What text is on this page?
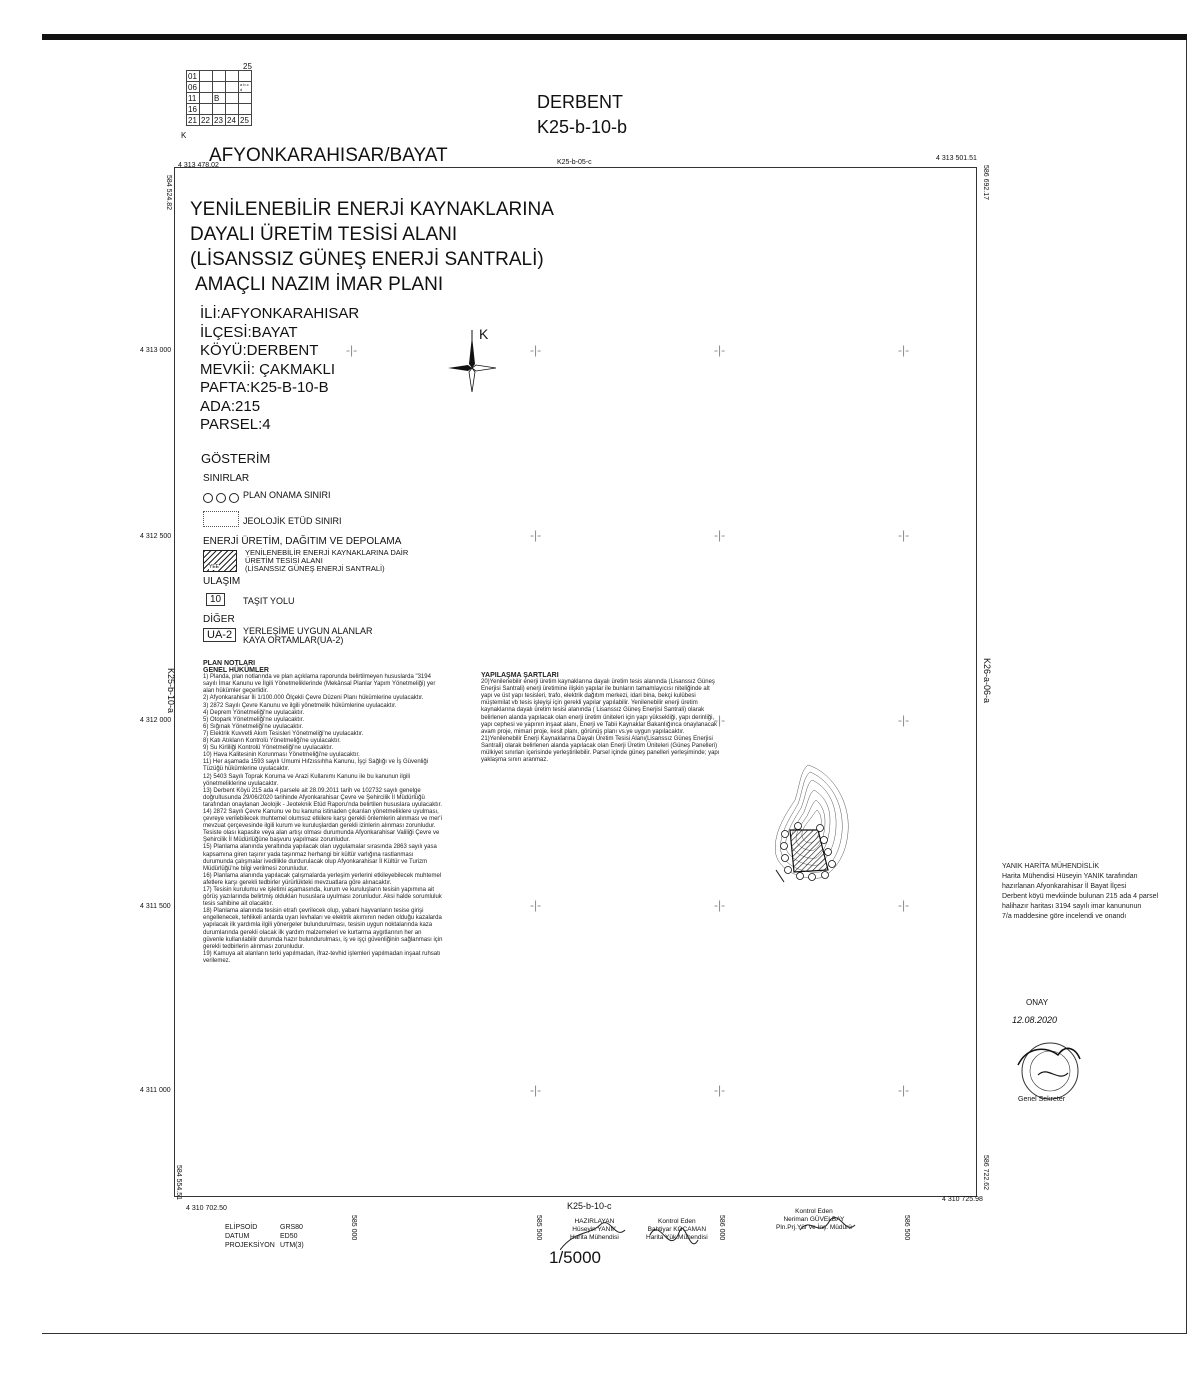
25
01				
06				a b c d
11		B		
16				
21	22	23	24	25
K
AFYONKARAHISAR/BAYAT
DERBENT
K25-b-10-b
K25-b-05-c
K25-b-10-c
K25-b-10-a	K26-a-06-a
4 313 478.02
4 313 501.51
584 524.82	586 692.17
584 554.51	586 722.62
4 310 702.50
4 310 725.98
4 313 000
4 312 500
4 312 000
4 311 500
4 311 000
585 000	585 500	586 000	586 500
-|-	-|-	-|-	-|-
-|-	-|-	-|-
-|-	-|-
-|-	-|-	-|-
-|-	-|-	-|-
YENİLENEBİLİR ENERJİ KAYNAKLARINA
DAYALI ÜRETİM TESİSİ ALANI
(LİSANSSIZ GÜNEŞ ENERJİ SANTRALİ)
AMAÇLI NAZIM İMAR PLANI
İLİ:AFYONKARAHISAR
İLÇESİ:BAYAT
KÖYÜ:DERBENT
MEVKİİ: ÇAKMAKLI
PAFTA:K25-B-10-B
ADA:215
PARSEL:4
K
GÖSTERİM
SINIRLAR
PLAN ONAMA SINIRI
JEOLOJİK ETÜD SINIRI
ENERJİ ÜRETİM, DAĞITIM VE DEPOLAMA
YEE
YENİLENEBİLİR ENERJİ KAYNAKLARINA DAİR
ÜRETİM TESİSİ ALANI
(LİSANSSIZ GÜNEŞ ENERJİ SANTRALİ)
ULAŞIM
10	TAŞIT YOLU
DİĞER
UA-2	YERLEŞİME UYGUN ALANLAR
KAYA ORTAMLAR(UA-2)
PLAN NOTLARI
GENEL HÜKÜMLER

1) Planda, plan notlarında ve plan açıklama raporunda belirtilmeyen hususlarda "3194 sayılı İmar Kanunu ve İlgili Yönetmeliklerinde (Mekânsal Planlar Yapım Yönetmeliği) yer alan hükümler geçerlidir.

2) Afyonkarahisar İli 1/100.000 Ölçekli Çevre Düzeni Planı hükümlerine uyulacaktır.

3) 2872 Sayılı Çevre Kanunu ve ilgili yönetmelik hükümlerine uyulacaktır.

4) Deprem Yönetmeliği'ne uyulacaktır.

5) Otopark Yönetmeliği'ne uyulacaktır.

6) Sığınak Yönetmeliği'ne uyulacaktır.

7) Elektrik Kuvvetli Akım Tesisleri Yönetmeliği'ne uyulacaktır.

8) Katı Atıkların Kontrolü Yönetmeliği'ne uyulacaktır.

9) Su Kirliliği Kontrolü Yönetmeliği'ne uyulacaktır.

10) Hava Kalitesinin Korunması Yönetmeliği'ne uyulacaktır.

11) Her aşamada 1593 sayılı Umumi Hıfzıssıhha Kanunu, İşçi Sağlığı ve İş Güvenliği Tüzüğü hükümlerine uyulacaktır.

12) 5403 Sayılı Toprak Koruma ve Arazi Kullanımı Kanunu ile bu kanunun ilgili yönetmeliklerine uyulacaktır.

13) Derbent Köyü 215 ada 4 parsele ait 28.09.2011 tarih ve 102732 sayılı genelge doğrultusunda 29/06/2020 tarihinde Afyonkarahisar Çevre ve Şehircilik İl Müdürlüğü tarafından onaylanan Jeolojik - Jeoteknik Etüd Raporu'nda belirtilen hususlara uyulacaktır.

14) 2872 Sayılı Çevre Kanunu ve bu kanuna istinaden çıkarılan yönetmeliklere uyulması, çevreye verilebilecek muhtemel olumsuz etkilere karşı gerekli önlemlerin alınması ve mer'i mevzuat çerçevesinde ilgili kurum ve kuruluşlardan gerekli izinlerin alınması zorunludur. Tesiste olası kapasite veya alan artışı olması durumunda Afyonkarahisar Valiliği Çevre ve Şehircilik İl Müdürlüğüne başvuru yapılması zorunludur.

15) Planlama alanında yeraltında yapılacak olan uygulamalar sırasında 2863 sayılı yasa kapsamına giren taşınır yada taşınmaz herhangi bir kültür varlığına rastlanması durumunda çalışmalar ivedilikle durdurulacak olup Afyonkarahisar İl Kültür ve Turizm Müdürlüğü'ne bilgi verilmesi zorunludur.

16) Planlama alanında yapılacak çalışmalarda yerleşim yerlerini etkileyebilecek muhtemel afetlere karşı gerekli tedbirler yürürlükteki mevzuatlara göre alınacaktır.

17) Tesisin kurulumu ve işletimi aşamasında, kurum ve kuruluşların tesisin yapımına ait görüş yazılarında belirtmiş oldukları hususlara uyulması zorunludur. Aksi halde sorumluluk tesis sahibine ait olacaktır.

18) Planlama alanında tesisin etrafı çevrilecek olup, yabani hayvanların tesise girişi engellenecek, tehlikeli anlarda uyarı levhaları ve elektrik akımının neden olduğu kazalarda yapılacak ilk yardımla ilgili yönergeler bulundurulması, tesisin uygun noktalarında kaza durumlarında gerekli olacak ilk yardım malzemeleri ve kurtarma aygıtlarının her an güvenle kullanılabilir durumda hazır bulundurulması, iş ve işçi güvenliğinin sağlanması için gerekli tedbirlerin alınması zorunludur.

19) Kamuya ait alanların terki yapılmadan, ifraz-tevhid işlemleri yapılmadan inşaat ruhsatı verilemez.

YAPILAŞMA ŞARTLARI

20)Yenilenebilir enerji üretim kaynaklarına dayalı üretim tesis alanında (Lisanssız Güneş Enerjisi Santrali) enerji üretimine ilişkin yapılar ile bunların tamamlayıcısı niteliğinde alt yapı ve üst yapı tesisleri, trafo, elektrik dağıtım merkezi, idari bina, bekçi kulübesi müştemilat vb tesis işleyişi için gerekli yapılar yapılabilir. Yenilenebilir enerji üretim kaynaklarına dayalı üretim tesisi alanında ( Lisanssız Güneş Enerjisi Santrali) olarak belirlenen alanda yapılacak olan enerji üretim üniteleri için yapı yüksekliği, yapı derinliği, yapı cephesi ve yapının inşaat alanı, Enerji ve Tabii Kaynaklar Bakanlığınca onaylanacak avam proje, mimari proje, kesit planı, görünüş planı vs.ye uygun yapılacaktır.

21)Yenilenebilir Enerji Kaynaklarına Dayalı Üretim Tesisi Alanı(Lisanssız Güneş Enerjisi Santrali) olarak belirlenen alanda yapılacak olan Enerji Üretim Üniteleri (Güneş Panelleri) mülkiyet sınırları içerisinde yerleştirilebilir. Parsel içinde güneş panelleri yerleşiminde; yapı yaklaşma sınırı aranmaz.

YANIK HARİTA MÜHENDİSLİK
Harita Mühendisi Hüseyin YANIK tarafından
hazırlanan Afyonkarahisar İl Bayat İlçesi
Derbent köyü mevkiinde bulunan 215 ada 4 parsel
halihazır haritası 3194 sayılı imar kanununun
7/a maddesine göre incelendi ve onandı
ONAY
12.08.2020
Genel Sekreter
ELİPSOİD	GRS80
DATUM	ED50
PROJEKSİYON UTM(3)
HAZIRLAYAN
Hüseyin YANIK
Harita Mühendisi
Kontrol Eden
Bahtiyar KOCAMAN
Harita Yük.Mühendisi
Kontrol Eden
Neriman GÜVELBAY
Pln.Prj.Yür ve İnş. Müdürü
1/5000
